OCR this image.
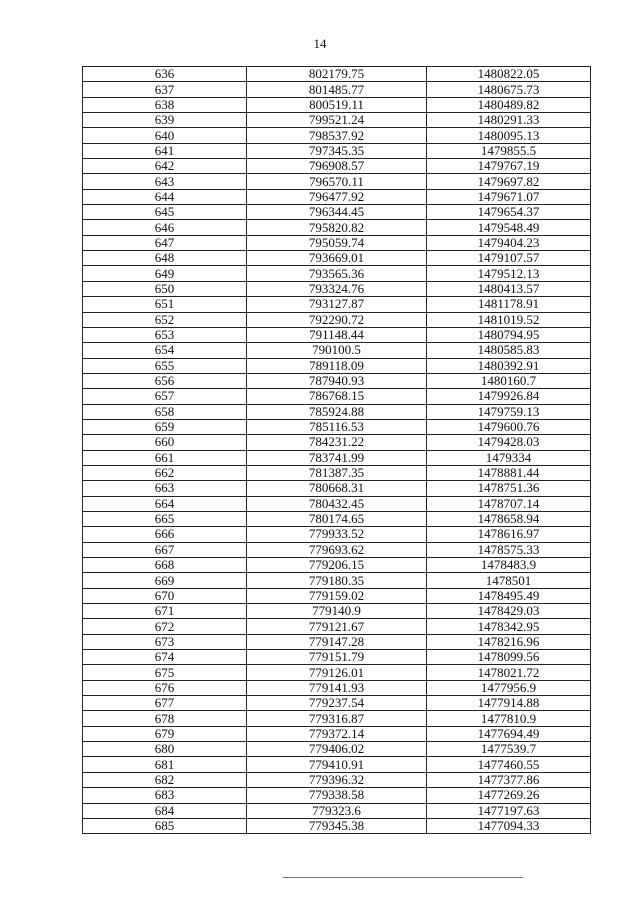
14
636	802179.75	1480822.05
637	801485.77	1480675.73
638	800519.11	1480489.82
639	799521.24	1480291.33
640	798537.92	1480095.13
641	797345.35	1479855.5
642	796908.57	1479767.19
643	796570.11	1479697.82
644	796477.92	1479671.07
645	796344.45	1479654.37
646	795820.82	1479548.49
647	795059.74	1479404.23
648	793669.01	1479107.57
649	793565.36	1479512.13
650	793324.76	1480413.57
651	793127.87	1481178.91
652	792290.72	1481019.52
653	791148.44	1480794.95
654	790100.5	1480585.83
655	789118.09	1480392.91
656	787940.93	1480160.7
657	786768.15	1479926.84
658	785924.88	1479759.13
659	785116.53	1479600.76
660	784231.22	1479428.03
661	783741.99	1479334
662	781387.35	1478881.44
663	780668.31	1478751.36
664	780432.45	1478707.14
665	780174.65	1478658.94
666	779933.52	1478616.97
667	779693.62	1478575.33
668	779206.15	1478483.9
669	779180.35	1478501
670	779159.02	1478495.49
671	779140.9	1478429.03
672	779121.67	1478342.95
673	779147.28	1478216.96
674	779151.79	1478099.56
675	779126.01	1478021.72
676	779141.93	1477956.9
677	779237.54	1477914.88
678	779316.87	1477810.9
679	779372.14	1477694.49
680	779406.02	1477539.7
681	779410.91	1477460.55
682	779396.32	1477377.86
683	779338.58	1477269.26
684	779323.6	1477197.63
685	779345.38	1477094.33
